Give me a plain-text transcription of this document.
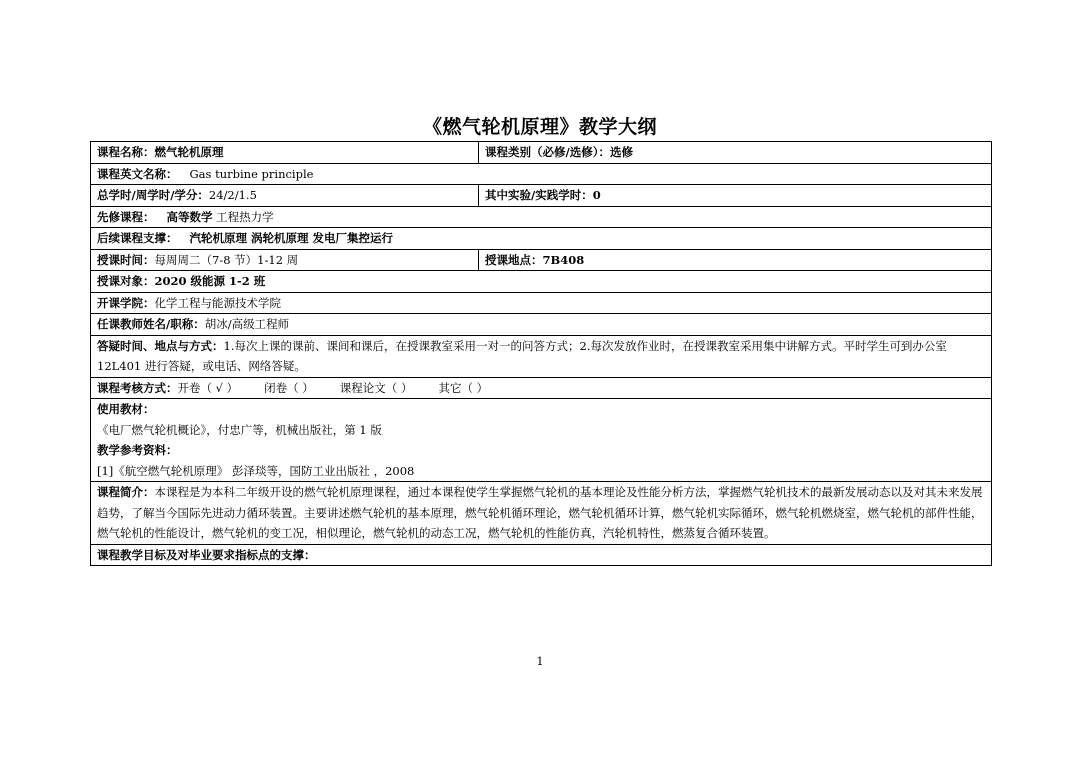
《燃气轮机原理》教学大纲
课程名称：燃气轮机原理	课程类别（必修/选修）：选修
课程英文名称： Gas turbine principle	
总学时/周学时/学分：24/2/1.5	其中实验/实践学时：0
先修课程： 高等数学 工程热力学	
后续课程支撑： 汽轮机原理 涡轮机原理 发电厂集控运行	
授课时间：每周周二（7-8 节）1-12 周	授课地点：7B408
授课对象：2020 级能源 1-2 班	
开课学院：化学工程与能源技术学院	
任课教师姓名/职称：胡冰/高级工程师	
答疑时间、地点与方式：1.每次上课的课前、课间和课后，在授课教室采用一对一的问答方式；2.每次发放作业时，在授课教室采用集中讲解方式。平时学生可到办公室 12L401 进行答疑，或电话、网络答疑。	
课程考核方式：开卷（ √ ） 闭卷（ ） 课程论文（ ） 其它（ ）	

使用教材：
《电厂燃气轮机概论》，付忠广等，机械出版社，第 1 版
教学参考资料：
[1]《航空燃气轮机原理》 彭泽琰等，国防工业出版社 ，2008	

课程简介：本课程是为本科二年级开设的燃气轮机原理课程，通过本课程使学生掌握燃气轮机的基本理论及性能分析方法，掌握燃气轮机技术的最新发展动态以及对其未来发展趋势，了解当今国际先进动力循环装置。主要讲述燃气轮机的基本原理，燃气轮机循环理论，燃气轮机循环计算，燃气轮机实际循环，燃气轮机燃烧室，燃气轮机的部件性能，燃气轮机的性能设计，燃气轮机的变工况，相似理论，燃气轮机的动态工况，燃气轮机的性能仿真，汽轮机特性，燃蒸复合循环装置。	
课程教学目标及对毕业要求指标点的支撑：	
1
